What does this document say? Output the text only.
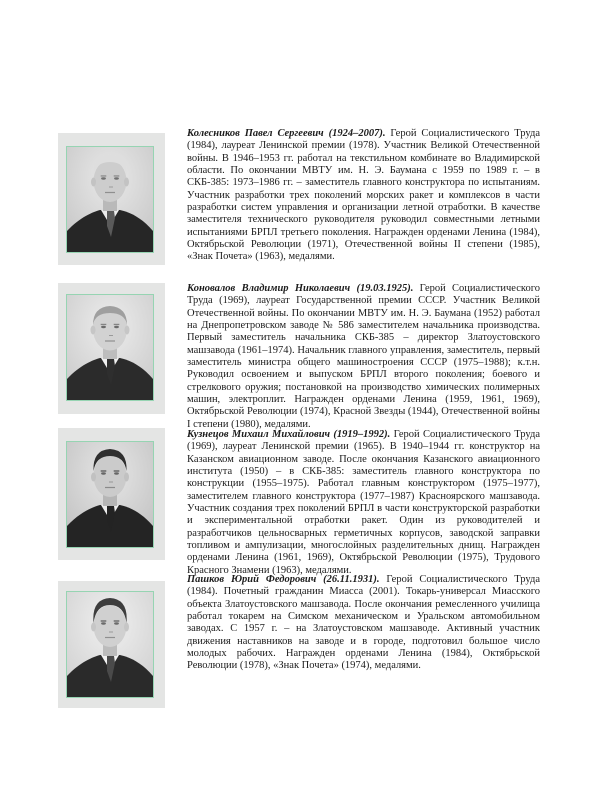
Колесников Павел Сергеевич (1924–2007). Герой Социалистического Труда (1984), лауреат Ленинской премии (1978). Участник Великой Отечественной войны. В 1946–1953 гг. работал на текстильном комбинате во Владимирской области. По окончании МВТУ им. Н. Э. Баумана с 1959 по 1989 г. – в СКБ-385: 1973–1986 гг. – заместитель главного конструктора по испытаниям. Участник разработки трех поколений морских ракет и комплексов в части разработки систем управления и организации летной отработки. В качестве заместителя технического руководителя руководил совместными летными испытаниями БРПЛ третьего поколения. Награжден орденами Ленина (1984), Октябрьской Революции (1971), Отечественной войны II степени (1985), «Знак Почета» (1963), медалями.

Коновалов Владимир Николаевич (19.03.1925). Герой Социалистического Труда (1969), лауреат Государственной премии СССР. Участник Великой Отечественной войны. По окончании МВТУ им. Н. Э. Баумана (1952) работал на Днепропетровском заводе № 586 заместителем начальника производства. Первый заместитель начальника СКБ-385 – директор Златоустовского машзавода (1961–1974). Начальник главного управления, заместитель, первый заместитель министра общего машиностроения СССР (1975–1988); к.т.н. Руководил освоением и выпуском БРПЛ второго поколения; боевого и стрелкового оружия; постановкой на производство химических полимерных машин, электроплит. Награжден орденами Ленина (1959, 1961, 1969), Октябрьской Революции (1974), Красной Звезды (1944), Отечественной войны I степени (1980), медалями.

Кузнецов Михаил Михайлович (1919–1992). Герой Социалистического Труда (1969), лауреат Ленинской премии (1965). В 1940–1944 гг. конструктор на Казанском авиационном заводе. После окончания Казанского авиационного института (1950) – в СКБ-385: заместитель главного конструктора по конструкции (1955–1975). Работал главным конструктором (1975–1977), заместителем главного конструктора (1977–1987) Красноярского машзавода. Участник создания трех поколений БРПЛ в части конструкторской разработки и экспериментальной отработки ракет. Один из руководителей и разработчиков цельносварных герметичных корпусов, заводской заправки топливом и ампулизации, многослойных разделительных днищ. Награжден орденами Ленина (1961, 1969), Октябрьской Революции (1975), Трудового Красного Знамени (1963), медалями.

Пашков Юрий Федорович (26.11.1931). Герой Социалистического Труда (1984). Почетный гражданин Миасса (2001). Токарь-универсал Миасского объекта Златоустовского машзавода. После окончания ремесленного училища работал токарем на Симском механическом и Уральском автомобильном заводах. С 1957 г. – на Златоустовском машзаводе. Активный участник движения наставников на заводе и в городе, подготовил большое число молодых рабочих. Награжден орденами Ленина (1984), Октябрьской Революции (1978), «Знак Почета» (1974), медалями.
